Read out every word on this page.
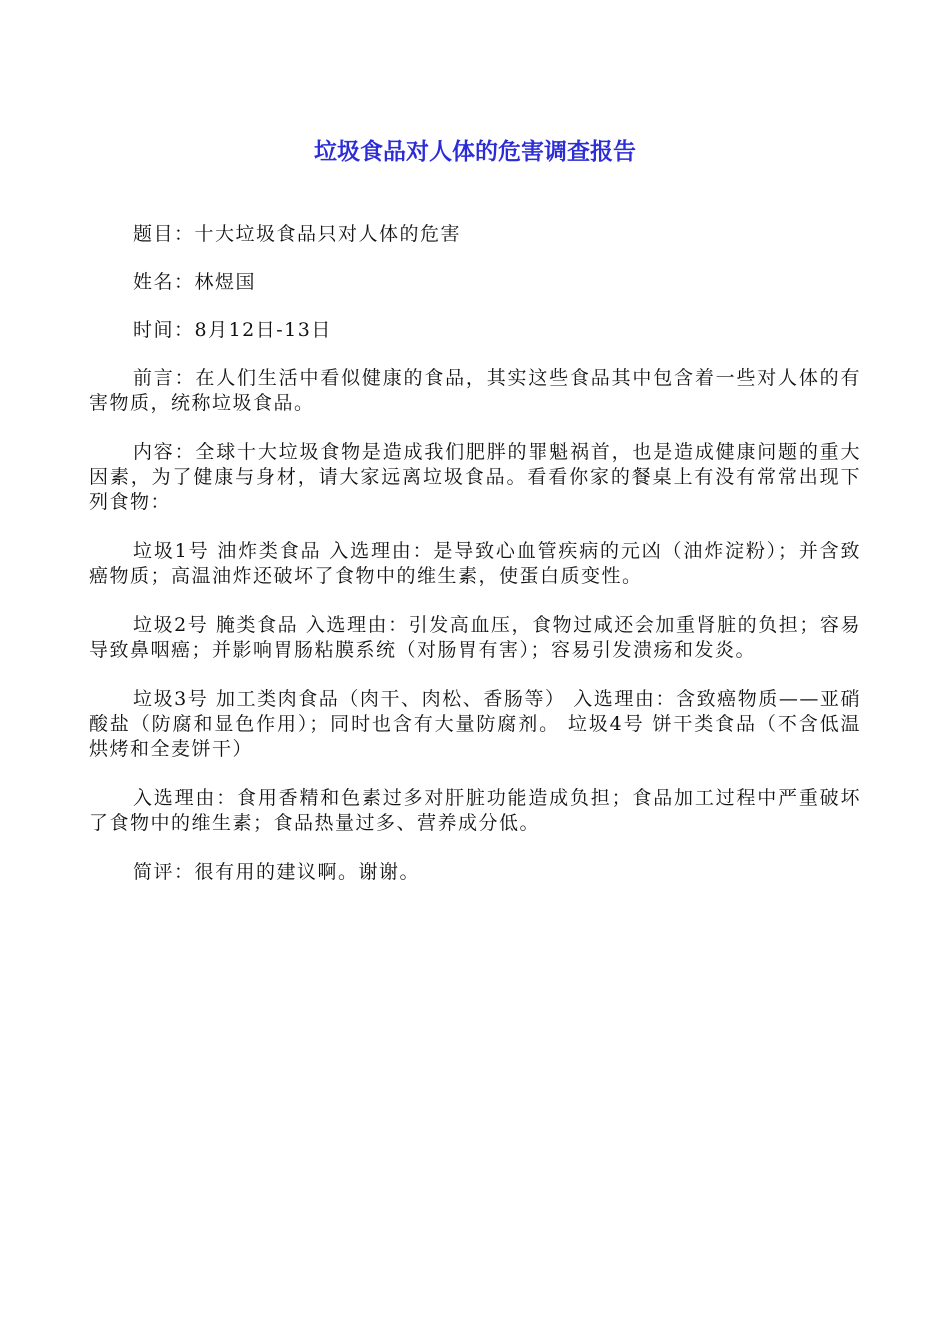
垃圾食品对人体的危害调查报告

题目：十大垃圾食品只对人体的危害

姓名：林煜国

时间：8月12日-13日

前言：在人们生活中看似健康的食品，其实这些食品其中包含着一些对人体的有害物质，统称垃圾食品。

内容：全球十大垃圾食物是造成我们肥胖的罪魁祸首，也是造成健康问题的重大因素，为了健康与身材，请大家远离垃圾食品。看看你家的餐桌上有没有常常出现下列食物：

垃圾1号 油炸类食品 入选理由：是导致心血管疾病的元凶（油炸淀粉）；并含致癌物质；高温油炸还破坏了食物中的维生素，使蛋白质变性。

垃圾2号 腌类食品 入选理由：引发高血压，食物过咸还会加重肾脏的负担；容易导致鼻咽癌；并影响胃肠粘膜系统（对肠胃有害）；容易引发溃疡和发炎。

垃圾3号 加工类肉食品（肉干、肉松、香肠等） 入选理由：含致癌物质——亚硝酸盐（防腐和显色作用）；同时也含有大量防腐剂。 垃圾4号 饼干类食品（不含低温烘烤和全麦饼干）

入选理由：食用香精和色素过多对肝脏功能造成负担；食品加工过程中严重破坏了食物中的维生素；食品热量过多、营养成分低。

简评：很有用的建议啊。谢谢。
